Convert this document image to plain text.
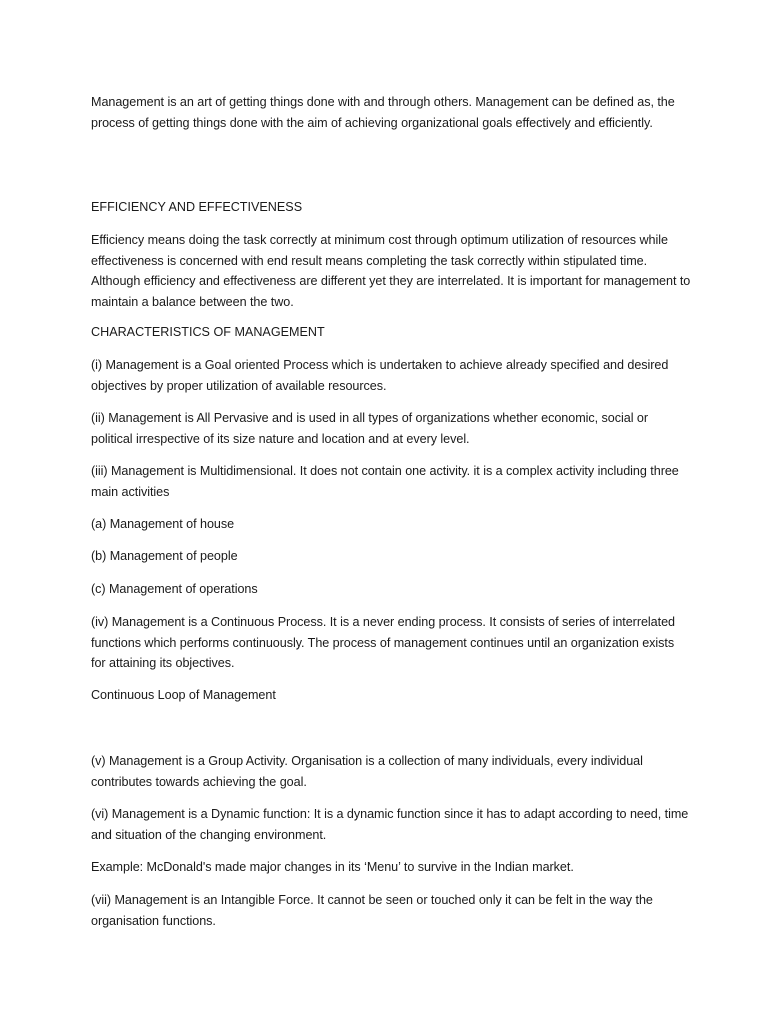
Management is an art of getting things done with and through others. Management can be defined as, the process of getting things done with the aim of achieving organizational goals effectively and efficiently.

EFFICIENCY AND EFFECTIVENESS

Efficiency means doing the task correctly at minimum cost through optimum utilization of resources while effectiveness is concerned with end result means completing the task correctly within stipulated time. Although efficiency and effectiveness are different yet they are interrelated. It is important for management to maintain a balance between the two.

CHARACTERISTICS OF MANAGEMENT

(i) Management is a Goal oriented Process which is undertaken to achieve already specified and desired objectives by proper utilization of available resources.

(ii) Management is All Pervasive and is used in all types of organizations whether economic, social or political irrespective of its size nature and location and at every level.

(iii) Management is Multidimensional. It does not contain one activity. it is a complex activity including three main activities

(a) Management of house

(b) Management of people

(c) Management of operations

(iv) Management is a Continuous Process. It is a never ending process. It consists of series of interrelated functions which performs continuously. The process of management continues until an organization exists for attaining its objectives.

Continuous Loop of Management

(v) Management is a Group Activity. Organisation is a collection of many individuals, every individual contributes towards achieving the goal.

(vi) Management is a Dynamic function: It is a dynamic function since it has to adapt according to need, time and situation of the changing environment.

Example: McDonald's made major changes in its ‘Menu’ to survive in the Indian market.

(vii) Management is an Intangible Force. It cannot be seen or touched only it can be felt in the way the organisation functions.
